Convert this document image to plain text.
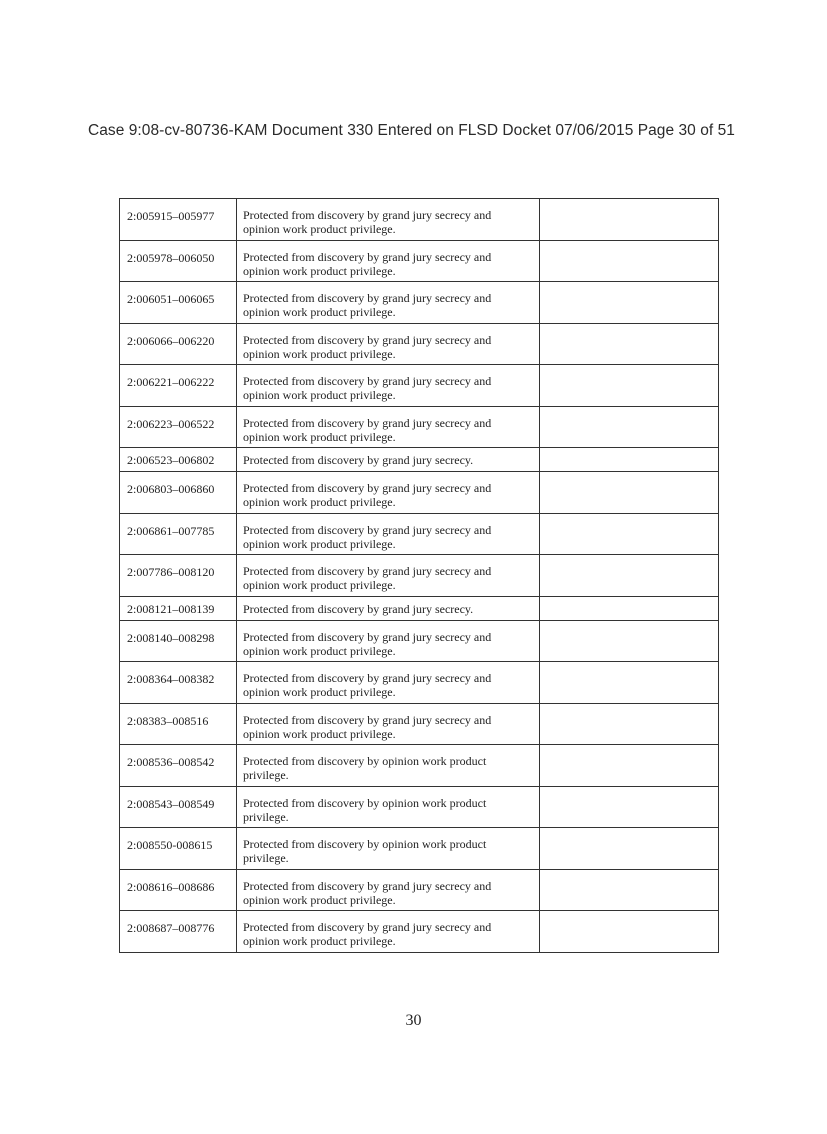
Case 9:08-cv-80736-KAM Document 330 Entered on FLSD Docket 07/06/2015 Page 30 of 51
2:005915–005977	Protected from discovery by grand jury secrecy and opinion work product privilege.	

2:005978–006050	Protected from discovery by grand jury secrecy and opinion work product privilege.	

2:006051–006065	Protected from discovery by grand jury secrecy and opinion work product privilege.	

2:006066–006220	Protected from discovery by grand jury secrecy and opinion work product privilege.	

2:006221–006222	Protected from discovery by grand jury secrecy and opinion work product privilege.	

2:006223–006522	Protected from discovery by grand jury secrecy and opinion work product privilege.	

2:006523–006802	Protected from discovery by grand jury secrecy.	

2:006803–006860	Protected from discovery by grand jury secrecy and opinion work product privilege.	

2:006861–007785	Protected from discovery by grand jury secrecy and opinion work product privilege.	

2:007786–008120	Protected from discovery by grand jury secrecy and opinion work product privilege.	

2:008121–008139	Protected from discovery by grand jury secrecy.	

2:008140–008298	Protected from discovery by grand jury secrecy and opinion work product privilege.	

2:008364–008382	Protected from discovery by grand jury secrecy and opinion work product privilege.	

2:08383–008516	Protected from discovery by grand jury secrecy and opinion work product privilege.	

2:008536–008542	Protected from discovery by opinion work product privilege.	

2:008543–008549	Protected from discovery by opinion work product privilege.	

2:008550-008615	Protected from discovery by opinion work product privilege.	

2:008616–008686	Protected from discovery by grand jury secrecy and opinion work product privilege.	

2:008687–008776	Protected from discovery by grand jury secrecy and opinion work product privilege.	

30
